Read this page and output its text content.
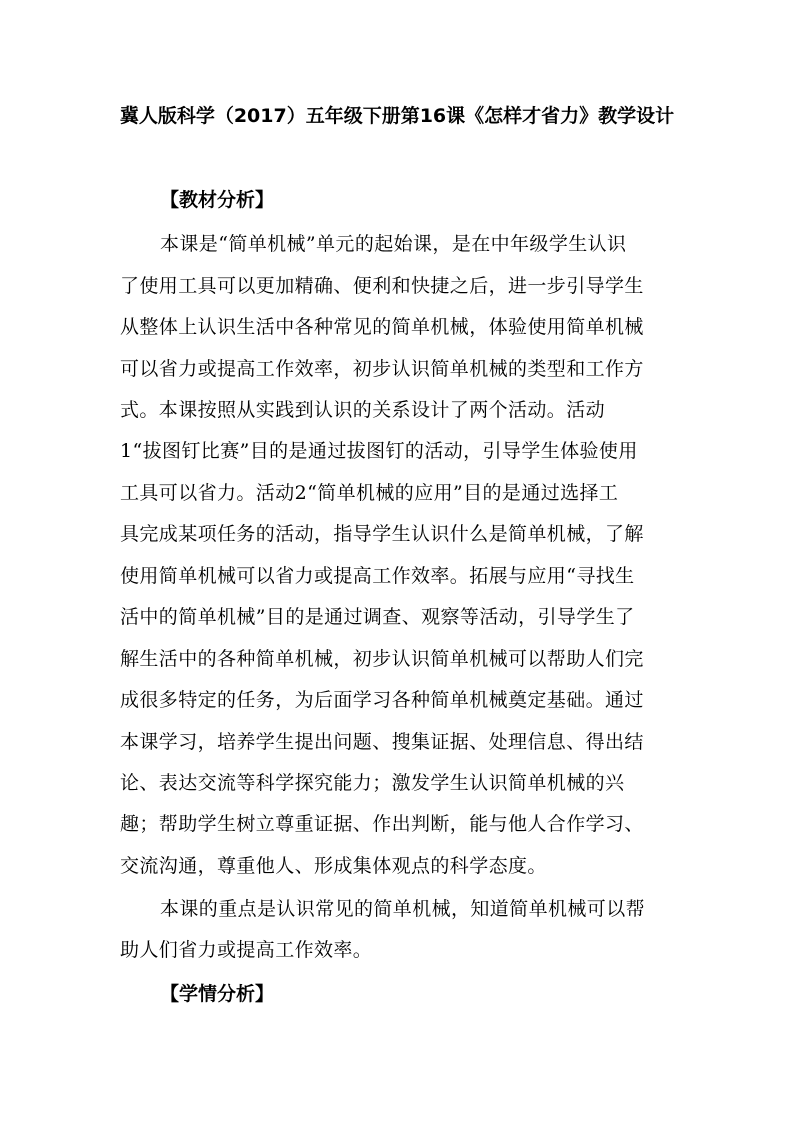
冀人版科学（2017）五年级下册第16课《怎样才省力》教学设计
【教材分析】
本课是“简单机械”单元的起始课，是在中年级学生认识
了使用工具可以更加精确、便利和快捷之后，进一步引导学生
从整体上认识生活中各种常见的简单机械，体验使用简单机械
可以省力或提高工作效率，初步认识简单机械的类型和工作方
式。本课按照从实践到认识的关系设计了两个活动。活动
1“拔图钉比赛”目的是通过拔图钉的活动，引导学生体验使用
工具可以省力。活动2“简单机械的应用”目的是通过选择工
具完成某项任务的活动，指导学生认识什么是简单机械，了解
使用简单机械可以省力或提高工作效率。拓展与应用“寻找生
活中的简单机械”目的是通过调查、观察等活动，引导学生了
解生活中的各种简单机械，初步认识简单机械可以帮助人们完
成很多特定的任务，为后面学习各种简单机械奠定基础。通过
本课学习，培养学生提出问题、搜集证据、处理信息、得出结
论、表达交流等科学探究能力；激发学生认识简单机械的兴
趣；帮助学生树立尊重证据、作出判断，能与他人合作学习、
交流沟通，尊重他人、形成集体观点的科学态度。
本课的重点是认识常见的简单机械，知道简单机械可以帮
助人们省力或提高工作效率。
【学情分析】
